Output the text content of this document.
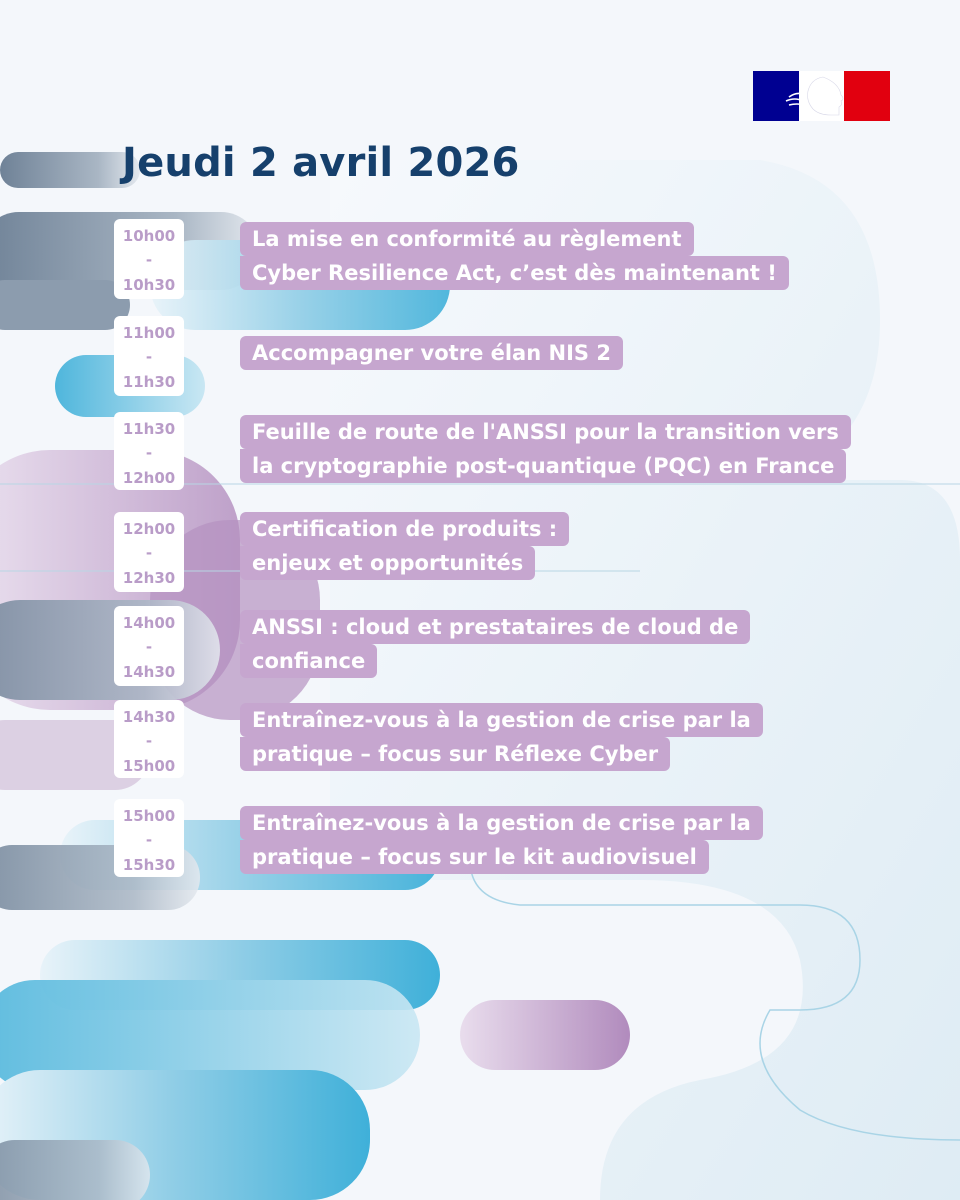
Jeudi 2 avril 2026
10h00
-
10h30
La mise en conformité au règlement
Cyber Resilience Act, c’est dès maintenant !
11h00
-
11h30
Accompagner votre élan NIS 2
11h30
-
12h00
Feuille de route de l'ANSSI pour la transition vers
la cryptographie post-quantique (PQC) en France
12h00
-
12h30
Certification de produits :
enjeux et opportunités
14h00
-
14h30
ANSSI : cloud et prestataires de cloud de
confiance
14h30
-
15h00
Entraînez-vous à la gestion de crise par la
pratique – focus sur Réflexe Cyber
15h00
-
15h30
Entraînez-vous à la gestion de crise par la
pratique – focus sur le kit audiovisuel
